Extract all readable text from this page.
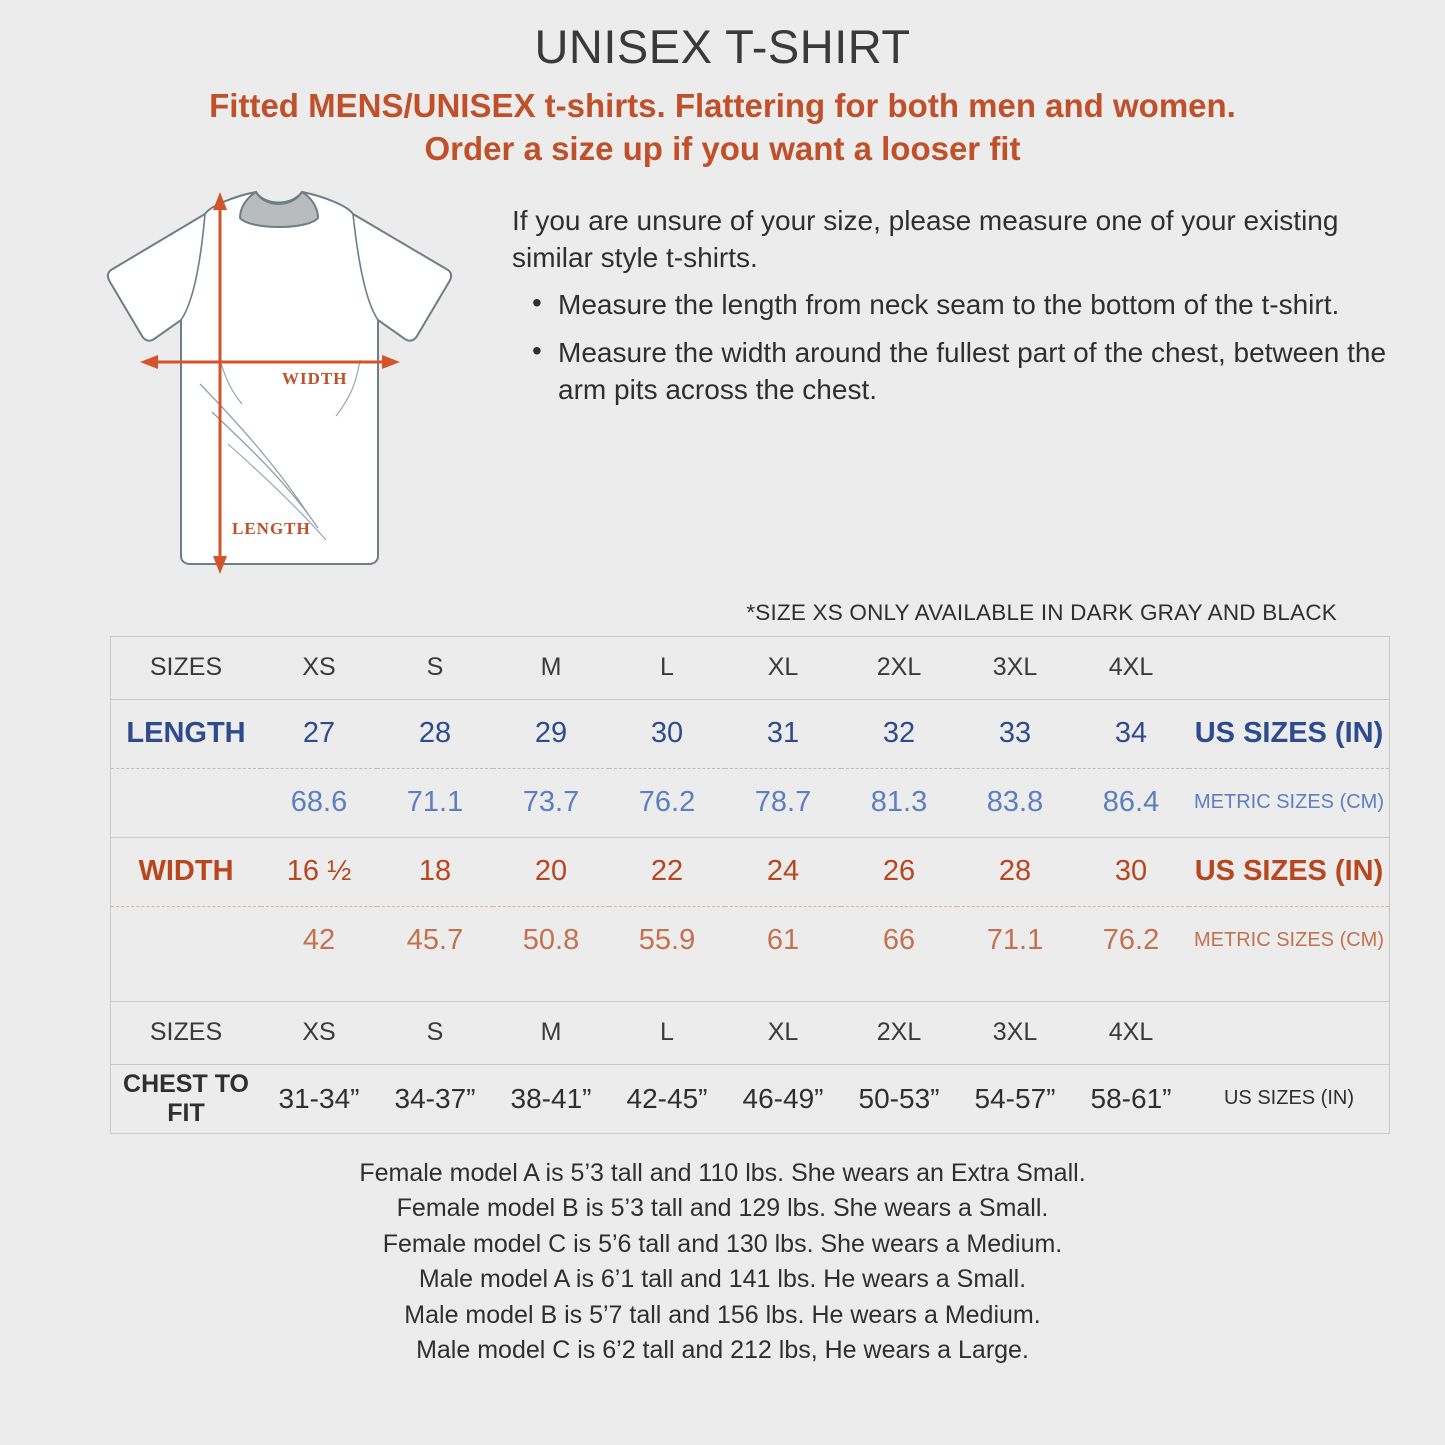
UNISEX T-SHIRT
Fitted MENS/UNISEX t-shirts. Flattering for both men and women.
Order a size up if you want a looser fit
WIDTH
LENGTH
If you are unsure of your size, please measure one of your existing similar style t-shirts.
• Measure the length from neck seam to the bottom of the t-shirt.
• Measure the width around the fullest part of the chest, between the arm pits across the chest.
*SIZE XS ONLY AVAILABLE IN DARK GRAY AND BLACK
SIZES	XS	S	M	L	XL	2XL	3XL	4XL	
LENGTH	27	28	29	30	31	32	33	34	US SIZES (IN)
	68.6	71.1	73.7	76.2	78.7	81.3	83.8	86.4	METRIC SIZES (CM)
WIDTH	16 ½	18	20	22	24	26	28	30	US SIZES (IN)
	42	45.7	50.8	55.9	61	66	71.1	76.2	METRIC SIZES (CM)

SIZES	XS	S	M	L	XL	2XL	3XL	4XL	
CHEST TO FIT	31-34”	34-37”	38-41”	42-45”	46-49”	50-53”	54-57”	58-61”	US SIZES (IN)
Female model A is 5’3 tall and 110 lbs. She wears an Extra Small.
Female model B is 5’3 tall and 129 lbs. She wears a Small.
Female model C is 5’6 tall and 130 lbs. She wears a Medium.
Male model A is 6’1 tall and 141 lbs. He wears a Small.
Male model B is 5’7 tall and 156 lbs. He wears a Medium.
Male model C is 6’2 tall and 212 lbs, He wears a Large.
